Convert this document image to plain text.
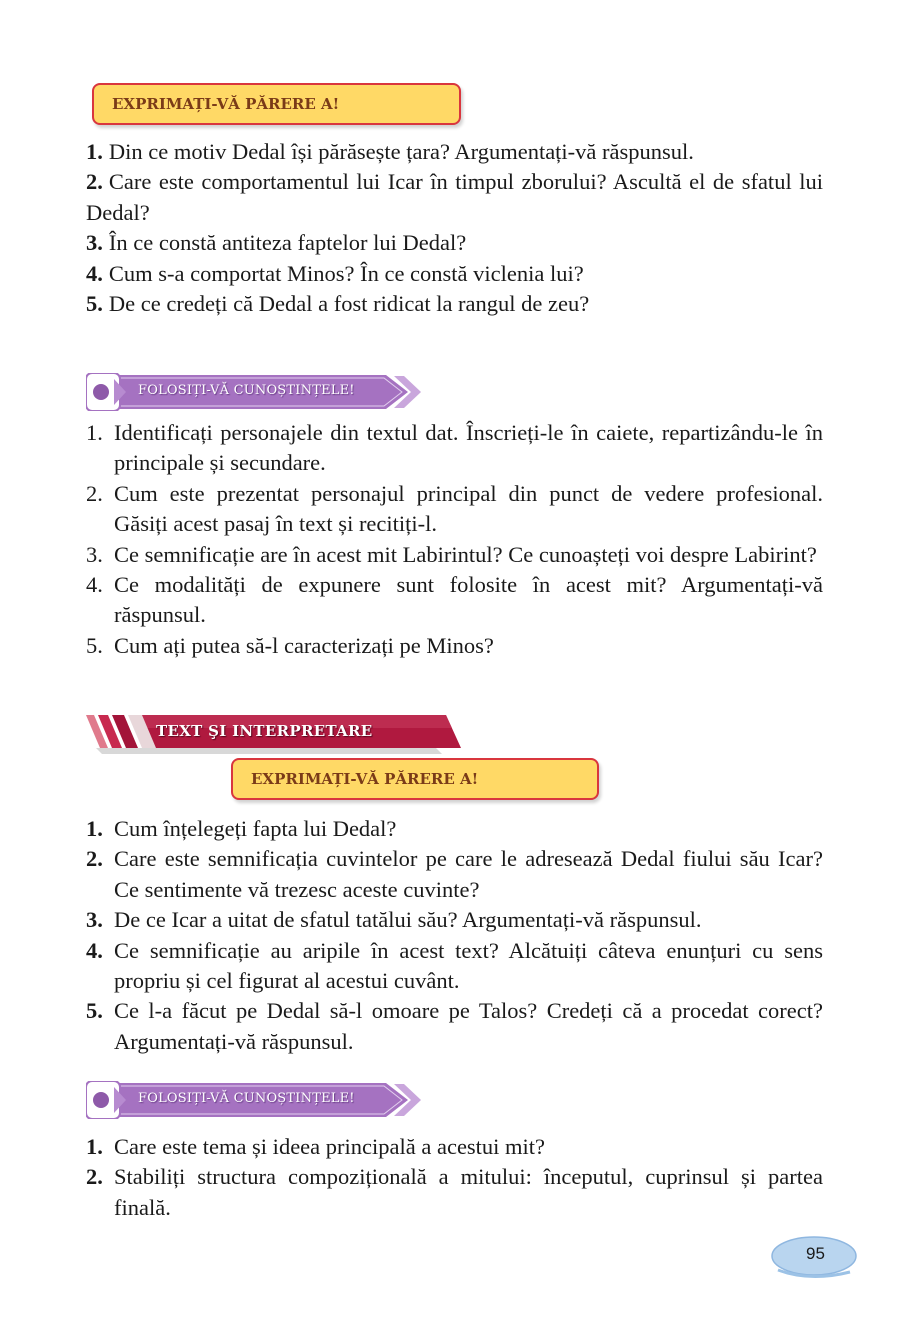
EXPRIMAȚI-VĂ PĂRERE A!
1. Din ce motiv Dedal își părăsește țara? Argumentați-vă răspunsul.
2. Care este comportamentul lui Icar în timpul zborului? Ascultă el de sfatul lui Dedal?
3. În ce constă antiteza faptelor lui Dedal?
4. Cum s-a comportat Minos? În ce constă viclenia lui?
5. De ce credeți că Dedal a fost ridicat la rangul de zeu?
FOLOSIȚI-VĂ CUNOȘTINȚELE!
1. Identificați personajele din textul dat. Înscrieți-le în caiete, repartizându-le în principale și secundare.
2. Cum este prezentat personajul principal din punct de vedere profesional. Găsiți acest pasaj în text și recitiți-l.
3. Ce semnificație are în acest mit Labirintul? Ce cunoașteți voi despre Labirint?
4. Ce modalități de expunere sunt folosite în acest mit? Argumentați-vă răspunsul.
5. Cum ați putea să-l caracterizați pe Minos?
TEXT ŞI INTERPRETARE
EXPRIMAȚI-VĂ PĂRERE A!
1. Cum înțelegeți fapta lui Dedal?
2. Care este semnificația cuvintelor pe care le adresează Dedal fiului său Icar? Ce sentimente vă trezesc aceste cuvinte?
3. De ce Icar a uitat de sfatul tatălui său? Argumentați-vă răspunsul.
4. Ce semnificație au aripile în acest text? Alcătuiți câteva enunțuri cu sens propriu și cel figurat al acestui cuvânt.
5. Ce l-a făcut pe Dedal să-l omoare pe Talos? Credeți că a procedat corect? Argumentați-vă răspunsul.
FOLOSIȚI-VĂ CUNOȘTINȚELE!
1. Care este tema și ideea principală a acestui mit?
2. Stabiliți structura compozițională a mitului: începutul, cuprinsul și partea finală.
95
